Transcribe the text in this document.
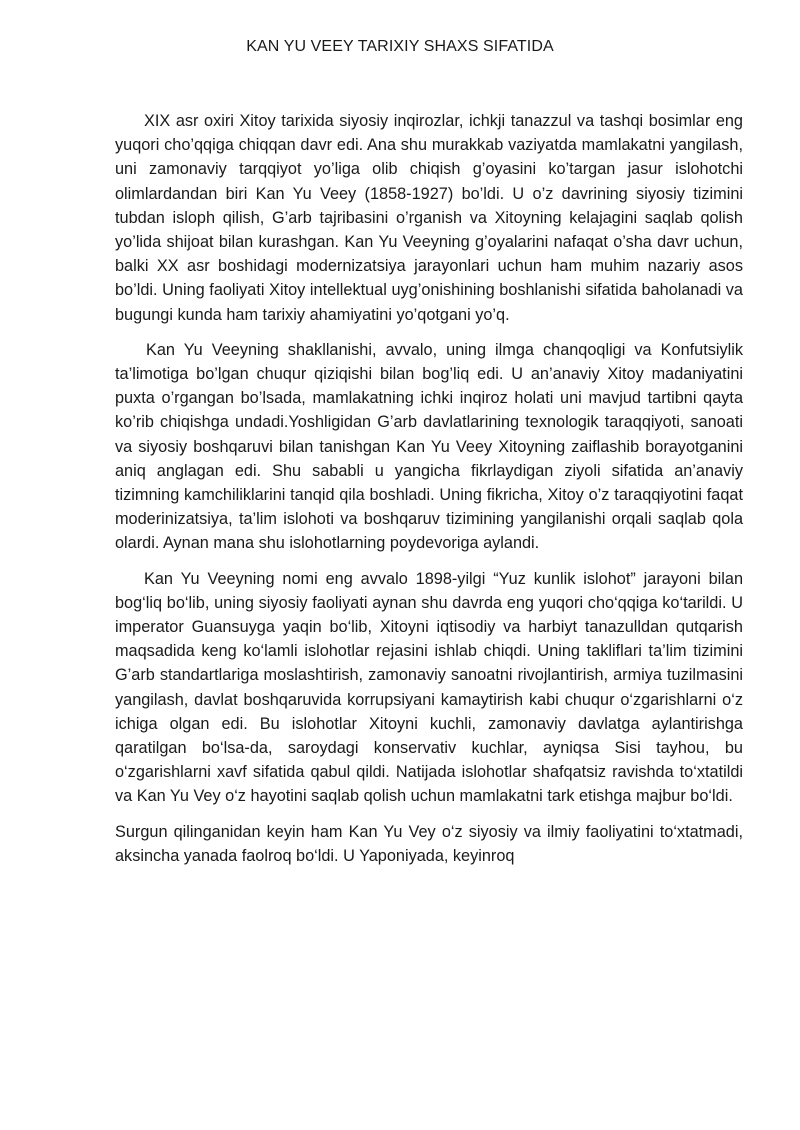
KAN YU VEEY TARIXIY SHAXS SIFATIDA

XIX asr oxiri Xitoy tarixida siyosiy inqirozlar, ichkji tanazzul va tashqi bosimlar eng yuqori cho’qqiga chiqqan davr edi. Ana shu murakkab vaziyatda mamlakatni yangilash, uni zamonaviy tarqqiyot yo’liga olib chiqish g’oyasini ko’targan jasur islohotchi olimlardandan biri Kan Yu Veey (1858-1927) bo’ldi. U o’z davrining siyosiy tizimini tubdan isloph qilish, G’arb tajribasini o’rganish va Xitoyning kelajagini saqlab qolish yo’lida shijoat bilan kurashgan. Kan Yu Veeyning g’oyalarini nafaqat o’sha davr uchun, balki XX asr boshidagi modernizatsiya jarayonlari uchun ham muhim nazariy asos bo’ldi. Uning faoliyati Xitoy intellektual uyg’onishining boshlanishi sifatida baholanadi va bugungi kunda ham tarixiy ahamiyatini yo’qotgani yo’q.

Kan Yu Veeyning shakllanishi, avvalo, uning ilmga chanqoqligi va Konfutsiylik ta’limotiga bo’lgan chuqur qiziqishi bilan bog’liq edi. U an’anaviy Xitoy madaniyatini puxta o’rgangan bo’lsada, mamlakatning ichki inqiroz holati uni mavjud tartibni qayta ko’rib chiqishga undadi.Yoshligidan G’arb davlatlarining texnologik taraqqiyoti, sanoati va siyosiy boshqaruvi bilan tanishgan Kan Yu Veey Xitoyning zaiflashib borayotganini aniq anglagan edi. Shu sababli u yangicha fikrlaydigan ziyoli sifatida an’anaviy tizimning kamchiliklarini tanqid qila boshladi. Uning fikricha, Xitoy o’z taraqqiyotini faqat moderinizatsiya, ta’lim islohoti va boshqaruv tizimining yangilanishi orqali saqlab qola olardi. Aynan mana shu islohotlarning poydevoriga aylandi.

Kan Yu Veeyning nomi eng avvalo 1898-yilgi “Yuz kunlik islohot” jarayoni bilan bog‘liq bo‘lib, uning siyosiy faoliyati aynan shu davrda eng yuqori cho‘qqiga ko‘tarildi. U imperator Guansuyga yaqin bo‘lib, Xitoyni iqtisodiy va harbiyt tanazulldan qutqarish maqsadida keng ko‘lamli islohotlar rejasini ishlab chiqdi. Uning takliflari ta’lim tizimini G’arb standartlariga moslashtirish, zamonaviy sanoatni rivojlantirish, armiya tuzilmasini yangilash, davlat boshqaruvida korrupsiyani kamaytirish kabi chuqur o‘zgarishlarni o‘z ichiga olgan edi. Bu islohotlar Xitoyni kuchli, zamonaviy davlatga aylantirishga qaratilgan bo‘lsa-da, saroydagi konservativ kuchlar, ayniqsa Sisi tayhou, bu o‘zgarishlarni xavf sifatida qabul qildi. Natijada islohotlar shafqatsiz ravishda to‘xtatildi va Kan Yu Vey o‘z hayotini saqlab qolish uchun mamlakatni tark etishga majbur bo‘ldi.

Surgun qilinganidan keyin ham Kan Yu Vey o‘z siyosiy va ilmiy faoliyatini to‘xtatmadi, aksincha yanada faolroq bo‘ldi. U Yaponiyada, keyinroq
